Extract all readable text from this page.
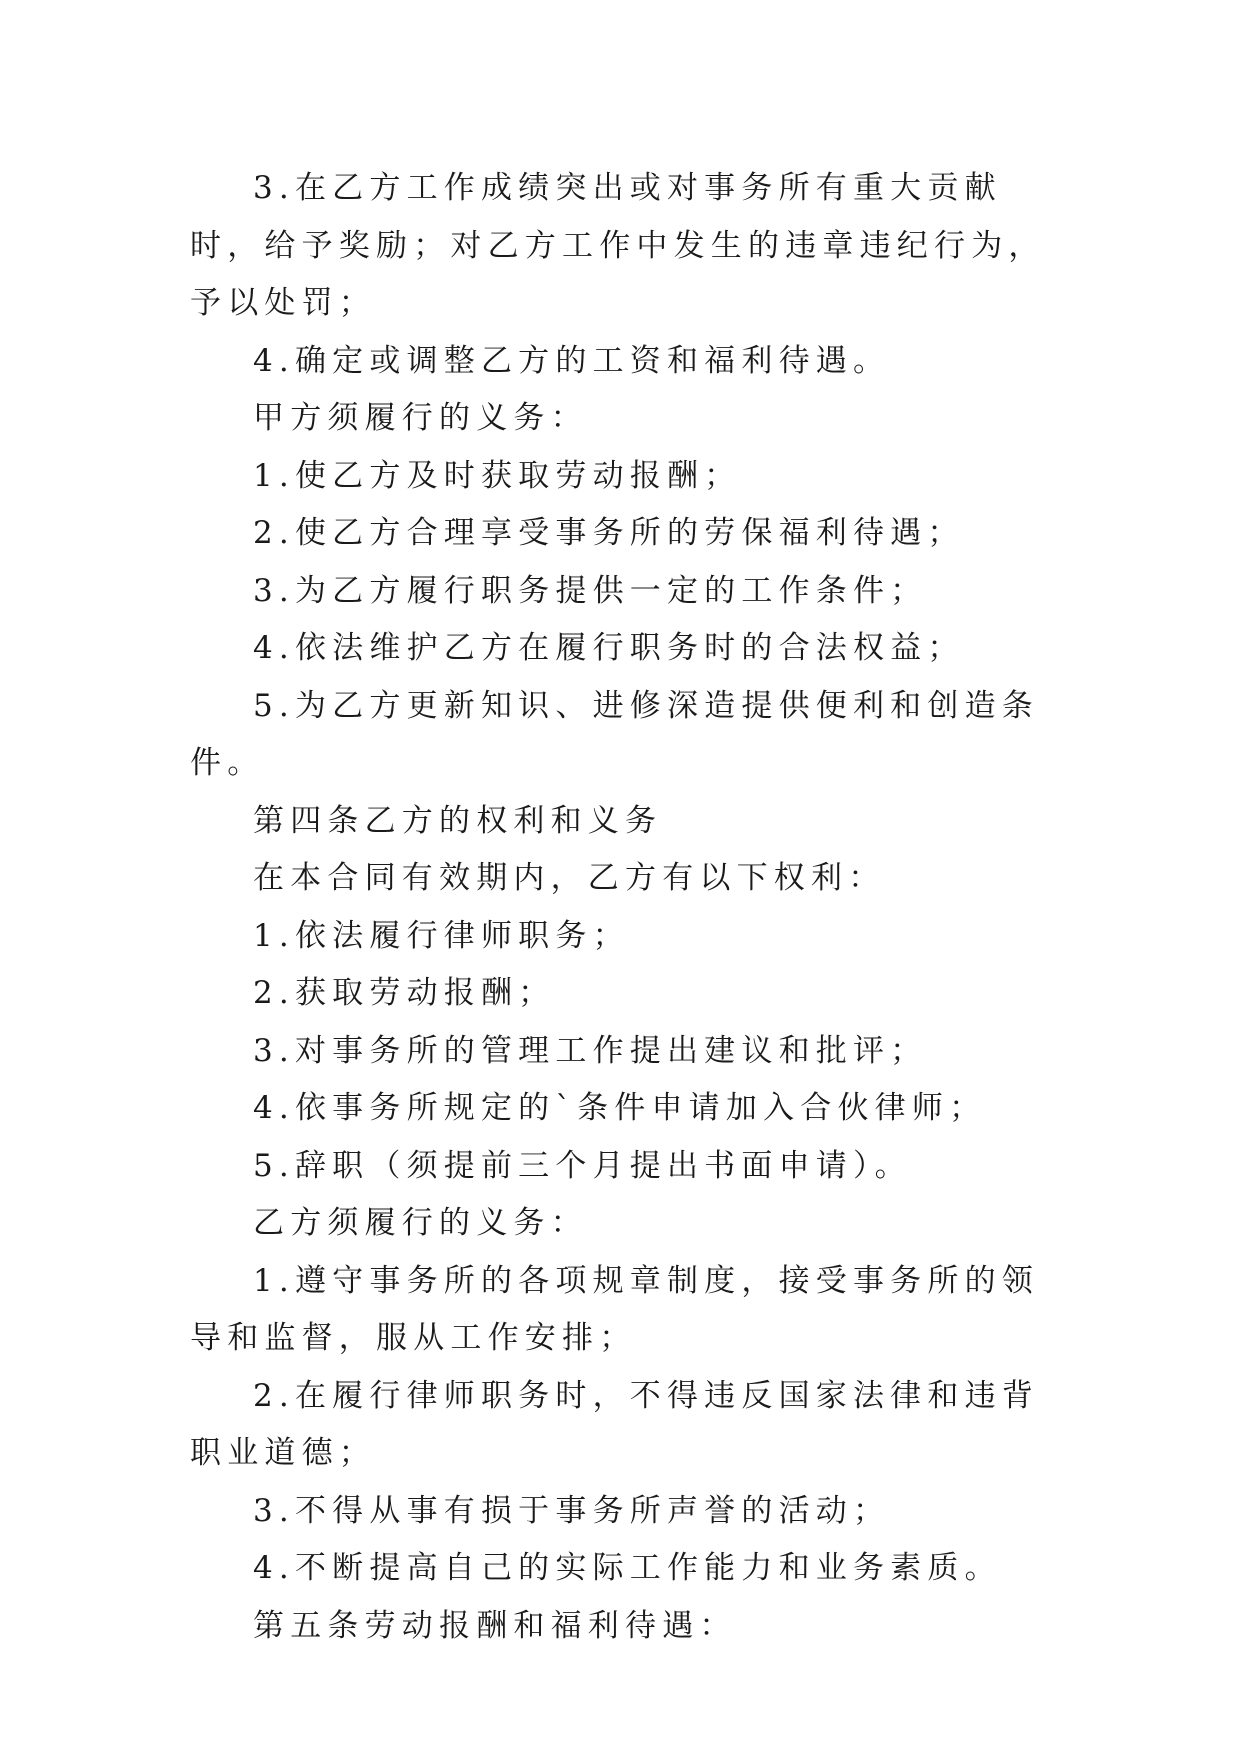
3.在乙方工作成绩突出或对事务所有重大贡献时，给予奖励；对乙方工作中发生的违章违纪行为，予以处罚；

4.确定或调整乙方的工资和福利待遇。

甲方须履行的义务：

1.使乙方及时获取劳动报酬；

2.使乙方合理享受事务所的劳保福利待遇；

3.为乙方履行职务提供一定的工作条件；

4.依法维护乙方在履行职务时的合法权益；

5.为乙方更新知识、进修深造提供便利和创造条件。

第四条乙方的权利和义务

在本合同有效期内，乙方有以下权利：

1.依法履行律师职务；

2.获取劳动报酬；

3.对事务所的管理工作提出建议和批评；

4.依事务所规定的`条件申请加入合伙律师；

5.辞职（须提前三个月提出书面申请）。

乙方须履行的义务：

1.遵守事务所的各项规章制度，接受事务所的领导和监督，服从工作安排；

2.在履行律师职务时，不得违反国家法律和违背职业道德；

3.不得从事有损于事务所声誉的活动；

4.不断提高自己的实际工作能力和业务素质。

第五条劳动报酬和福利待遇：
